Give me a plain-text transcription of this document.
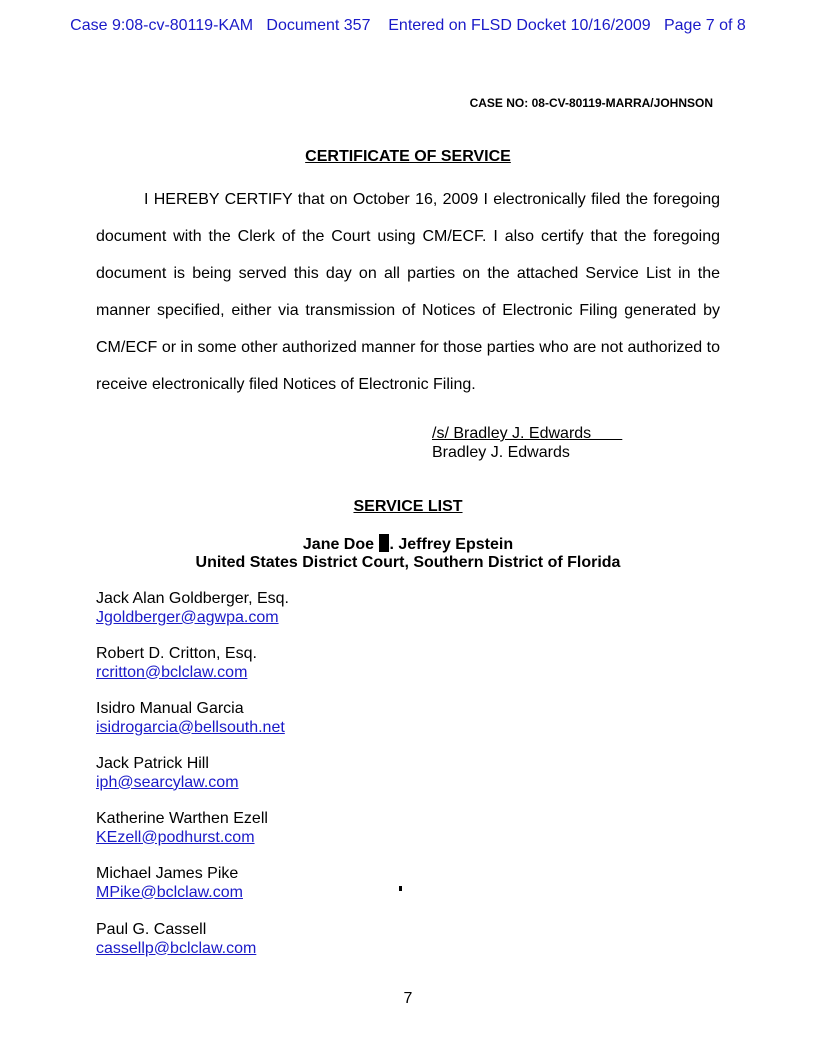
Case 9:08-cv-80119-KAM   Document 357    Entered on FLSD Docket 10/16/2009   Page 7 of 8
CASE NO: 08-CV-80119-MARRA/JOHNSON
CERTIFICATE OF SERVICE

I HEREBY CERTIFY that on October 16, 2009 I electronically filed the foregoing document with the Clerk of the Court using CM/ECF. I also certify that the foregoing document is being served this day on all parties on the attached Service List in the manner specified, either via transmission of Notices of Electronic Filing generated by CM/ECF or in some other authorized manner for those parties who are not authorized to receive electronically filed Notices of Electronic Filing.

/s/ Bradley J. Edwards
Bradley J. Edwards
SERVICE LIST
Jane Doe . Jeffrey Epstein
United States District Court, Southern District of Florida
Jack Alan Goldberger, Esq.
Jgoldberger@agwpa.com
Robert D. Critton, Esq.
rcritton@bclclaw.com
Isidro Manual Garcia
isidrogarcia@bellsouth.net
Jack Patrick Hill
iph@searcylaw.com
Katherine Warthen Ezell
KEzell@podhurst.com
Michael James Pike
MPike@bclclaw.com
Paul G. Cassell
cassellp@bclclaw.com
7
